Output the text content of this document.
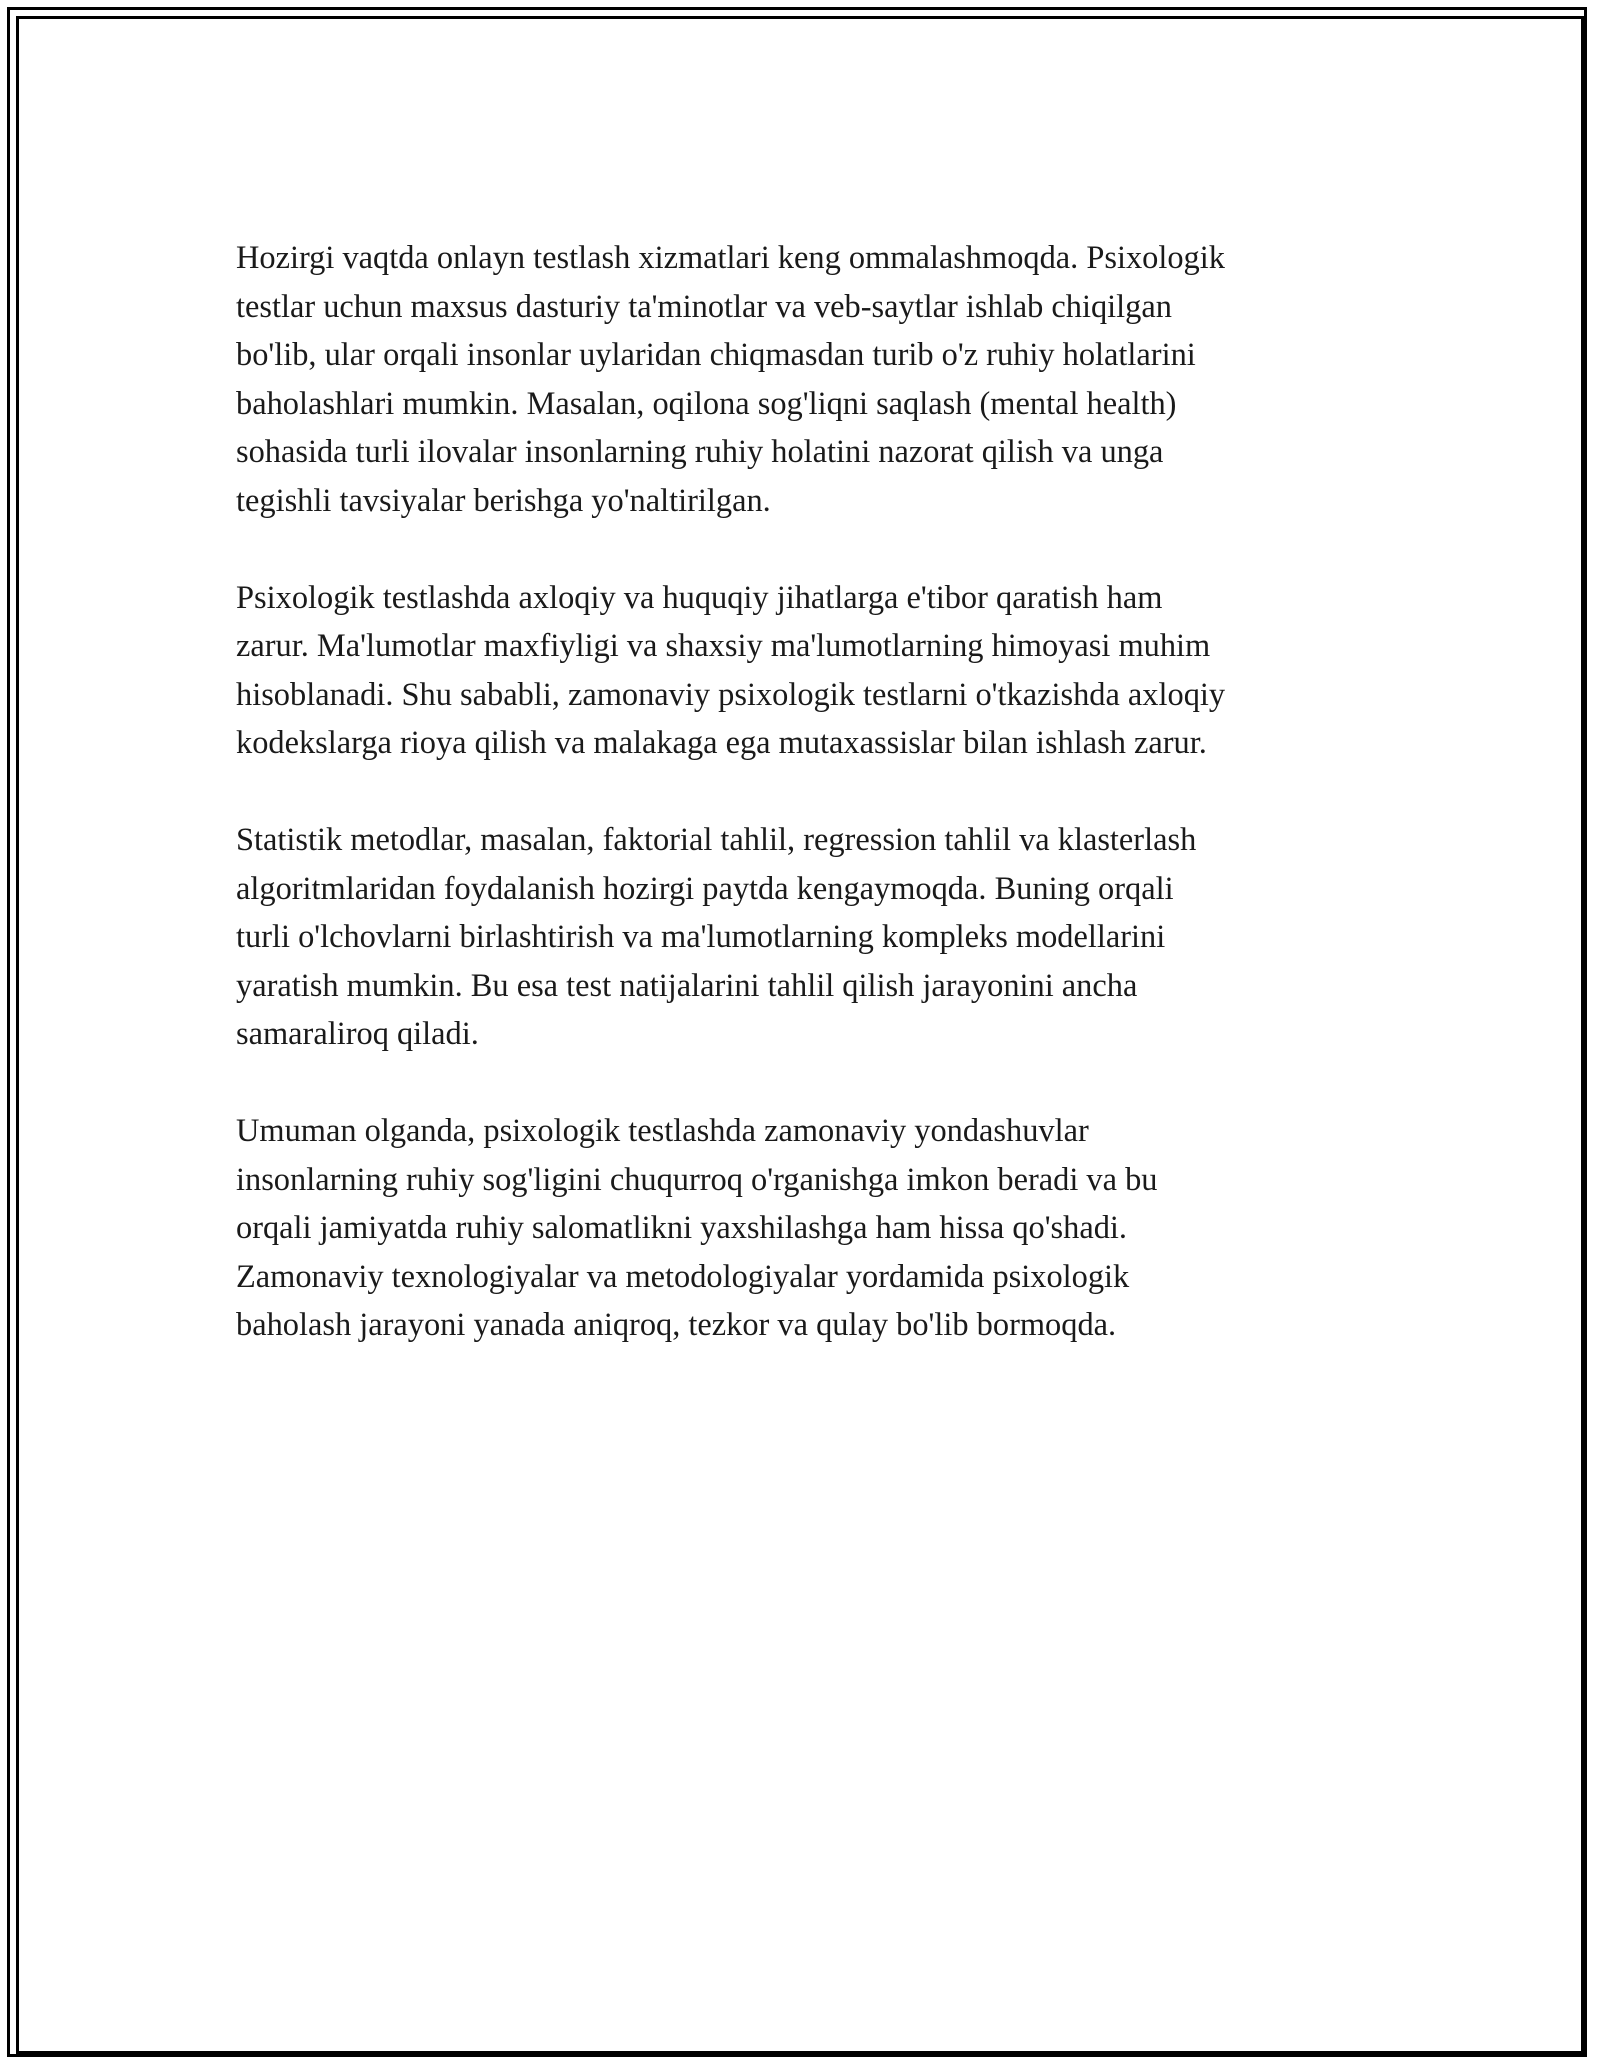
Hozirgi vaqtda onlayn testlash xizmatlari keng ommalashmoqda. Psixologik
testlar uchun maxsus dasturiy ta'minotlar va veb-saytlar ishlab chiqilgan
bo'lib, ular orqali insonlar uylaridan chiqmasdan turib o'z ruhiy holatlarini
baholashlari mumkin. Masalan, oqilona sog'liqni saqlash (mental health)
sohasida turli ilovalar insonlarning ruhiy holatini nazorat qilish va unga
tegishli tavsiyalar berishga yo'naltirilgan.

Psixologik testlashda axloqiy va huquqiy jihatlarga e'tibor qaratish ham
zarur. Ma'lumotlar maxfiyligi va shaxsiy ma'lumotlarning himoyasi muhim
hisoblanadi. Shu sababli, zamonaviy psixologik testlarni o'tkazishda axloqiy
kodekslarga rioya qilish va malakaga ega mutaxassislar bilan ishlash zarur.

Statistik metodlar, masalan, faktorial tahlil, regression tahlil va klasterlash
algoritmlaridan foydalanish hozirgi paytda kengaymoqda. Buning orqali
turli o'lchovlarni birlashtirish va ma'lumotlarning kompleks modellarini
yaratish mumkin. Bu esa test natijalarini tahlil qilish jarayonini ancha
samaraliroq qiladi.

Umuman olganda, psixologik testlashda zamonaviy yondashuvlar
insonlarning ruhiy sog'ligini chuqurroq o'rganishga imkon beradi va bu
orqali jamiyatda ruhiy salomatlikni yaxshilashga ham hissa qo'shadi.
Zamonaviy texnologiyalar va metodologiyalar yordamida psixologik
baholash jarayoni yanada aniqroq, tezkor va qulay bo'lib bormoqda.
